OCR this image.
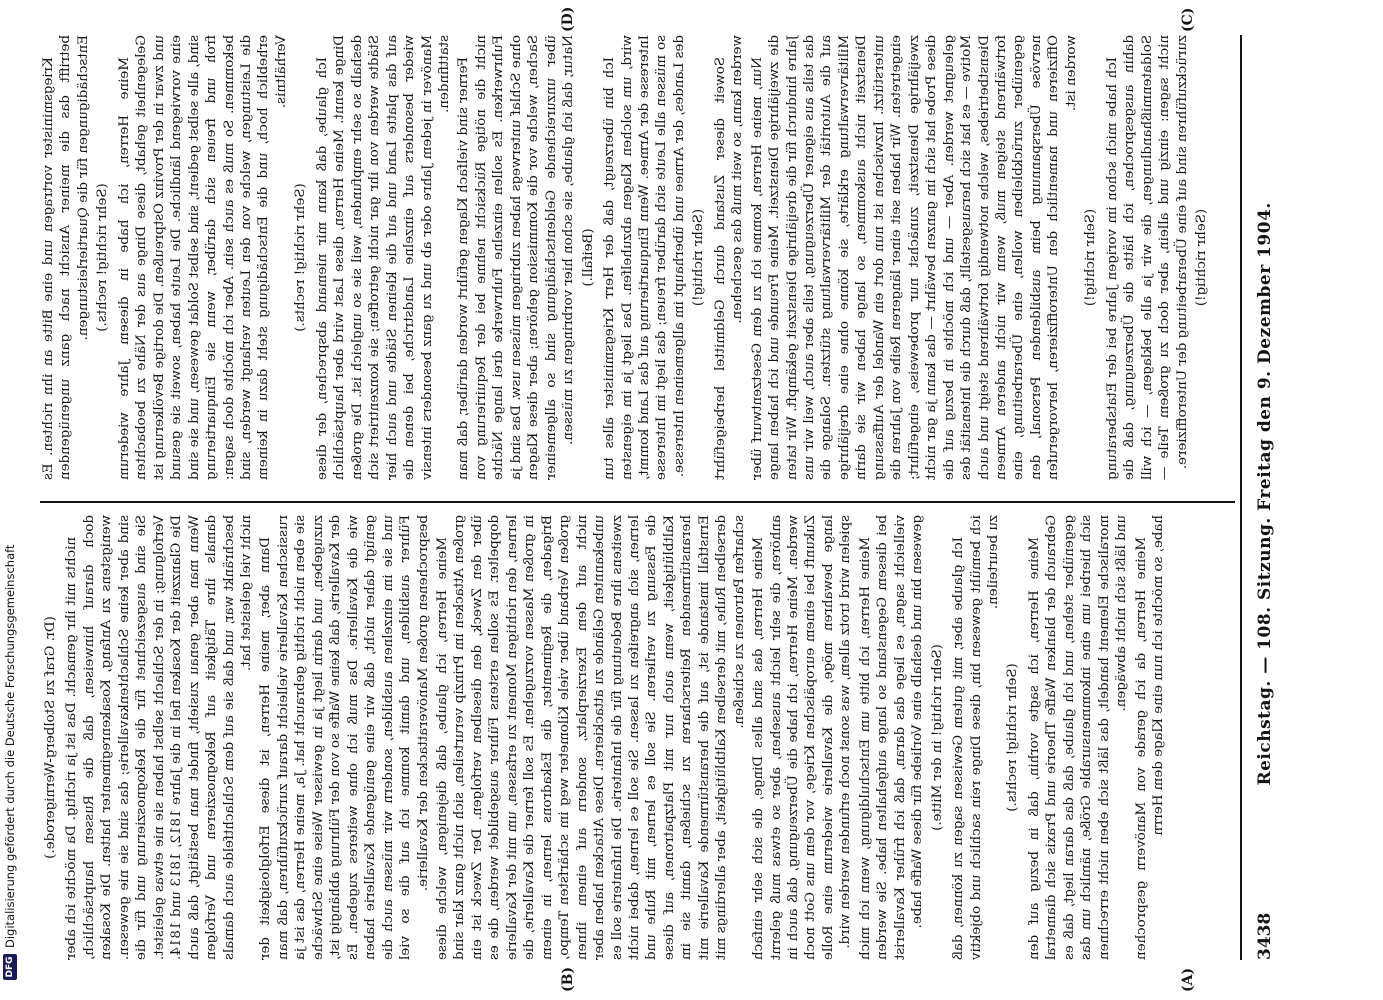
3438
Reichstag. — 108. Sitzung. Freitag den 9. Dezember 1904.
(A)
(B)
(C)
(D)

(Dr. Graf zu Stolberg-Wernigerode.) nichts mit ihr gemacht. Das ist ja richtig. Da möchte ich aber doch darauf hinweisen, daß die Russen hauptsächlich, wenigstens zu Anfang, Kosakenregimenter hatten. Die Kosaken sind aber keine Schlachtenkavallerie; das sind sie nie gewesen. Sie sind ausgezeichnet für die Rekognoszierung und für die Verfolgung; in der Schlacht selbst haben sie nie etwas geleistet. Die Glanzzeit der Kosaken fiel in die Jahre 1812, 1813 und 1814. Wenn man aber genau zusieht, findet man bestätigt, daß auch damals ihre Tätigkeit auf Rekognoszieren und Verfolgen beschränkt war, und daß sie auf dem Schlachtfelde auch damals nicht viel geleistet hat. Dann aber, meine Herren, ist diese Erfolglosigkeit der russischen Kavallerie vielleicht darauf zurückzuführen, daß man sie eben nicht richtig gebraucht hat. Ja, meine Herren, das ist ja zuzugeben, und darin liegt ja in gewisser Weise eine Schwäche der Kavallerie, daß keine Waffe so von der Führung abhängig ist, wie die Kavallerie. Das muß ich ohne weiteres zugeben. Es genügt daher nicht, daß wir eine genügende Kavallerie haben und sie im einzelnen ausbilden, sondern wir müssen auch die Führer ausbilden, und damit komme ich auf die so viel besprochenen großen Manöverattacken der Kavallerie. Meine Herren, ich glaube, daß diejenigen, welche diese großen Attacken im Prinzip verurteilen, sich nicht ganz klar sind über den Zweck, den dieselben verfolgen. Der Zweck ist ein doppelter. Es sollen erstens Führer ausgebildet werden, die es lernen, den richtigen Moment zu erfassen, um mit der Kavallerie in großen Massen vorzugehen. Es soll ferner die Kavallerie, die Brigaden, die Regimenter, die Eskadrons lernen, in einem großen Verband über viele Kilometer weg im schärfsten Tempo, nicht auf dem Exerzierplatz, sondern auf einem ihnen unbekannten Gelände zu attackieren. Diese Attacken haben aber zweitens ihre Bedeutung für die Infanterie. Die Infanterie soll es lernen, sich angreifen zu lassen. Sie soll es lernen, dabei nicht die Fassung zu verlieren. Sie soll es lernen, mit Ruhe und Kaltblütigkeit, wenn auch nur mit Platzpatronen, auf diese heranstürmenden Reiterscharen zu schießen, damit sie im Ernstfall imstande ist, auf die heranstürmende Kavallerie mit derselben Ruhe, mit derselben Kaltblütigkeit, aber allerdings mit scharfen Patronen zu schießen. Meine Herren, das sind alles Dinge, die sich sehr einfach anhören, die sehr leicht aussehen, aber so etwas muß gelernt werden. Meine Herren, ich habe die Überzeugung, daß auch in Zukunft bei einem europäischen Kriege, vor dem uns Gott noch lange bewahren möge, die Kavallerie wiederum eine Rolle spielen wird trotz allem, was sonst noch erfunden werden wird. Meine Herren, ich bitte um Entschuldigung, wenn ich mich bei diesem Gegenstand so lange aufgehalten habe. Sie werden vielleicht sagen, es liege das daran, daß ich früher Kavallerist gewesen bin und deshalb eine Vorliebe für diese Waffe habe. (Sehr richtig! in der Mitte.) Ich glaube aber, mit gutem Gewissen sagen zu können, daß ich bemüht gewesen bin, diese Dinge rein sachlich und objektiv zu beurteilen.

(Sehr richtig! rechts.) Meine Herren, ich sagte vorhin, daß in bezug auf den Gebrauch der blanken Waffe Theorie und Praxis sich diametral gegenüber stehen, und ich glaube, daß das daran liegt, daß es sich hierbei um eine inkommensurable Größe, nämlich um das moralische Element handelt, das läßt sich eben nicht errechnen und läßt sich nicht abwägen. Meine Herren, da ich gerade von Manövern gesprochen habe, so möchte ich nun eine Klage dem Herrn

Kriegsminister vortragen und eine Bitte an ihn richten. Es betrifft das die meiner Ansicht nach ganz ungenügenden Entschädigungen für die Quartierleistungen. (Sehr richtig! rechts.) Meine Herren, ich habe in diesem Jahre wiederum Gelegenheit gehabt, diese Dinge aus der Nähe zu beobachten und zwar in der Provinz Ostpreußen. Die dortige Bevölkerung ist eine vorwiegend ländliche. Die Leute haben, soweit sie gesund sind, alle selbst gedient, sind selbst Soldat gewesen, und sie sind froh und freuen sich darüber, wenn sie Einquartierung bekommen. So muß es auch sein. Aber ich möchte doch sagen: die Leistungen, welche von den Leuten verlangt werden, sind erheblich hoch, und die Entschädigung steht dazu in keinem Verhältnis.

(Sehr richtig! rechts.) Ich glaube, daß kann mir niemand absprechen, der diese Dinge kennt. Meine Herren, diese Last wird aber hauptsächlich deshalb so sehr empfunden, weil sie so ungleich ist. Die großen Städte werden von ihr gar nicht getroffen; sie konzentriert sich auf das platte Land und auf die kleinen Städte und auch hier wieder besonders auf einzelne Landstriche, bei denen die Manöver in jedem Jahre oder ab und zu ganz besonders intensiv stattfinden. Ferner sind vielfach Klagen geführt worden darüber, daß man nicht die nötige Rücksicht nehme bei der Requirierung von Fuhrwerken. Es sollen einzelne Fuhrwerke drei lange Nächte ohne Schlaf unterwegs haben zubringen müssen usw. Das sind ja Sachen, welche vor die Kommission gehören; aber diese Klagen über unzureichende Geldentschädigung sind so allgemeiner Natur, daß ich glaube, sie schon hier vorbringen zu müssen. (Beifall.) Ich bin überzeugt, daß der Herr Kriegsminister alles tun wird, um solchen Klagen abzuhelfen. Das liegt ja im eigensten Interesse der Armee. Wenn Einquartierung auf das Land kommt, so müssen alle Leute sich darüber freuen; das liegt im Interesse des Landes, der Armee und überhaupt im allgemeinen Interesse. (Sehr richtig!) Soweit dieser Zustand durch Geldmittel herbeigeführt werden kann, so weit muß das geschehen. Nun, meine Herren, komme ich zu dem Gesetzentwurf über die zweijährige Dienstzeit. Meine Freunde und ich haben lange Jahre hindurch für die dreijährige Dienstzeit gekämpft. Wir taten das teils aus eigener Überzeugung, teils aber auch, weil wir uns auf die Autorität der Militärverwaltung stützten. Solange die Militärverwaltung erklärte, sie könne ohne eine dreijährige Dienstzeit nicht auskommen, so lange haben wir sie darin unterstützt. Inzwischen ist nun dort ein Wandel der Auffassung eingetreten. Wir haben seit einer längeren Reihe von Jahren die zweijährige Dienstzeit, zunächst nur probeweise, eingeführt; diese Probe hat sich im ganzen bewährt — das kann ja gar nicht geleugnet werden. Aber — und ich möchte in bezug auf die Motive — es hat sich herausgestellt, daß durch die Intensität des Dienstbetriebes, welche notwendig fortwährend steigt und auch fortwährend steigen muß, wenn wir nicht anderen Armeen gegenüber zurückbleiben wollen, eine Überarbeitung, eine nervöse Überspannung beim ausbildenden Personal, den Offizieren und namentlich den Unteroffizieren, hervorgerufen worden ist.

(Sehr richtig!) Ich habe mich schon im vorigen Jahre bei der Etatsberatung dahin ausgesprochen, ich hätte die Überzeugung, daß die Soldatenmißhandlungen, die wir ja alle beklagen, — ich will nicht sagen: einzig und allein, aber doch zu großem Teile — zurückzuführen sind auf eine Überarbeitung der Unteroffiziere. (Sehr richtig!)

DFG
Digitalisierung gefördert durch die Deutsche Forschungsgemeinschaft
